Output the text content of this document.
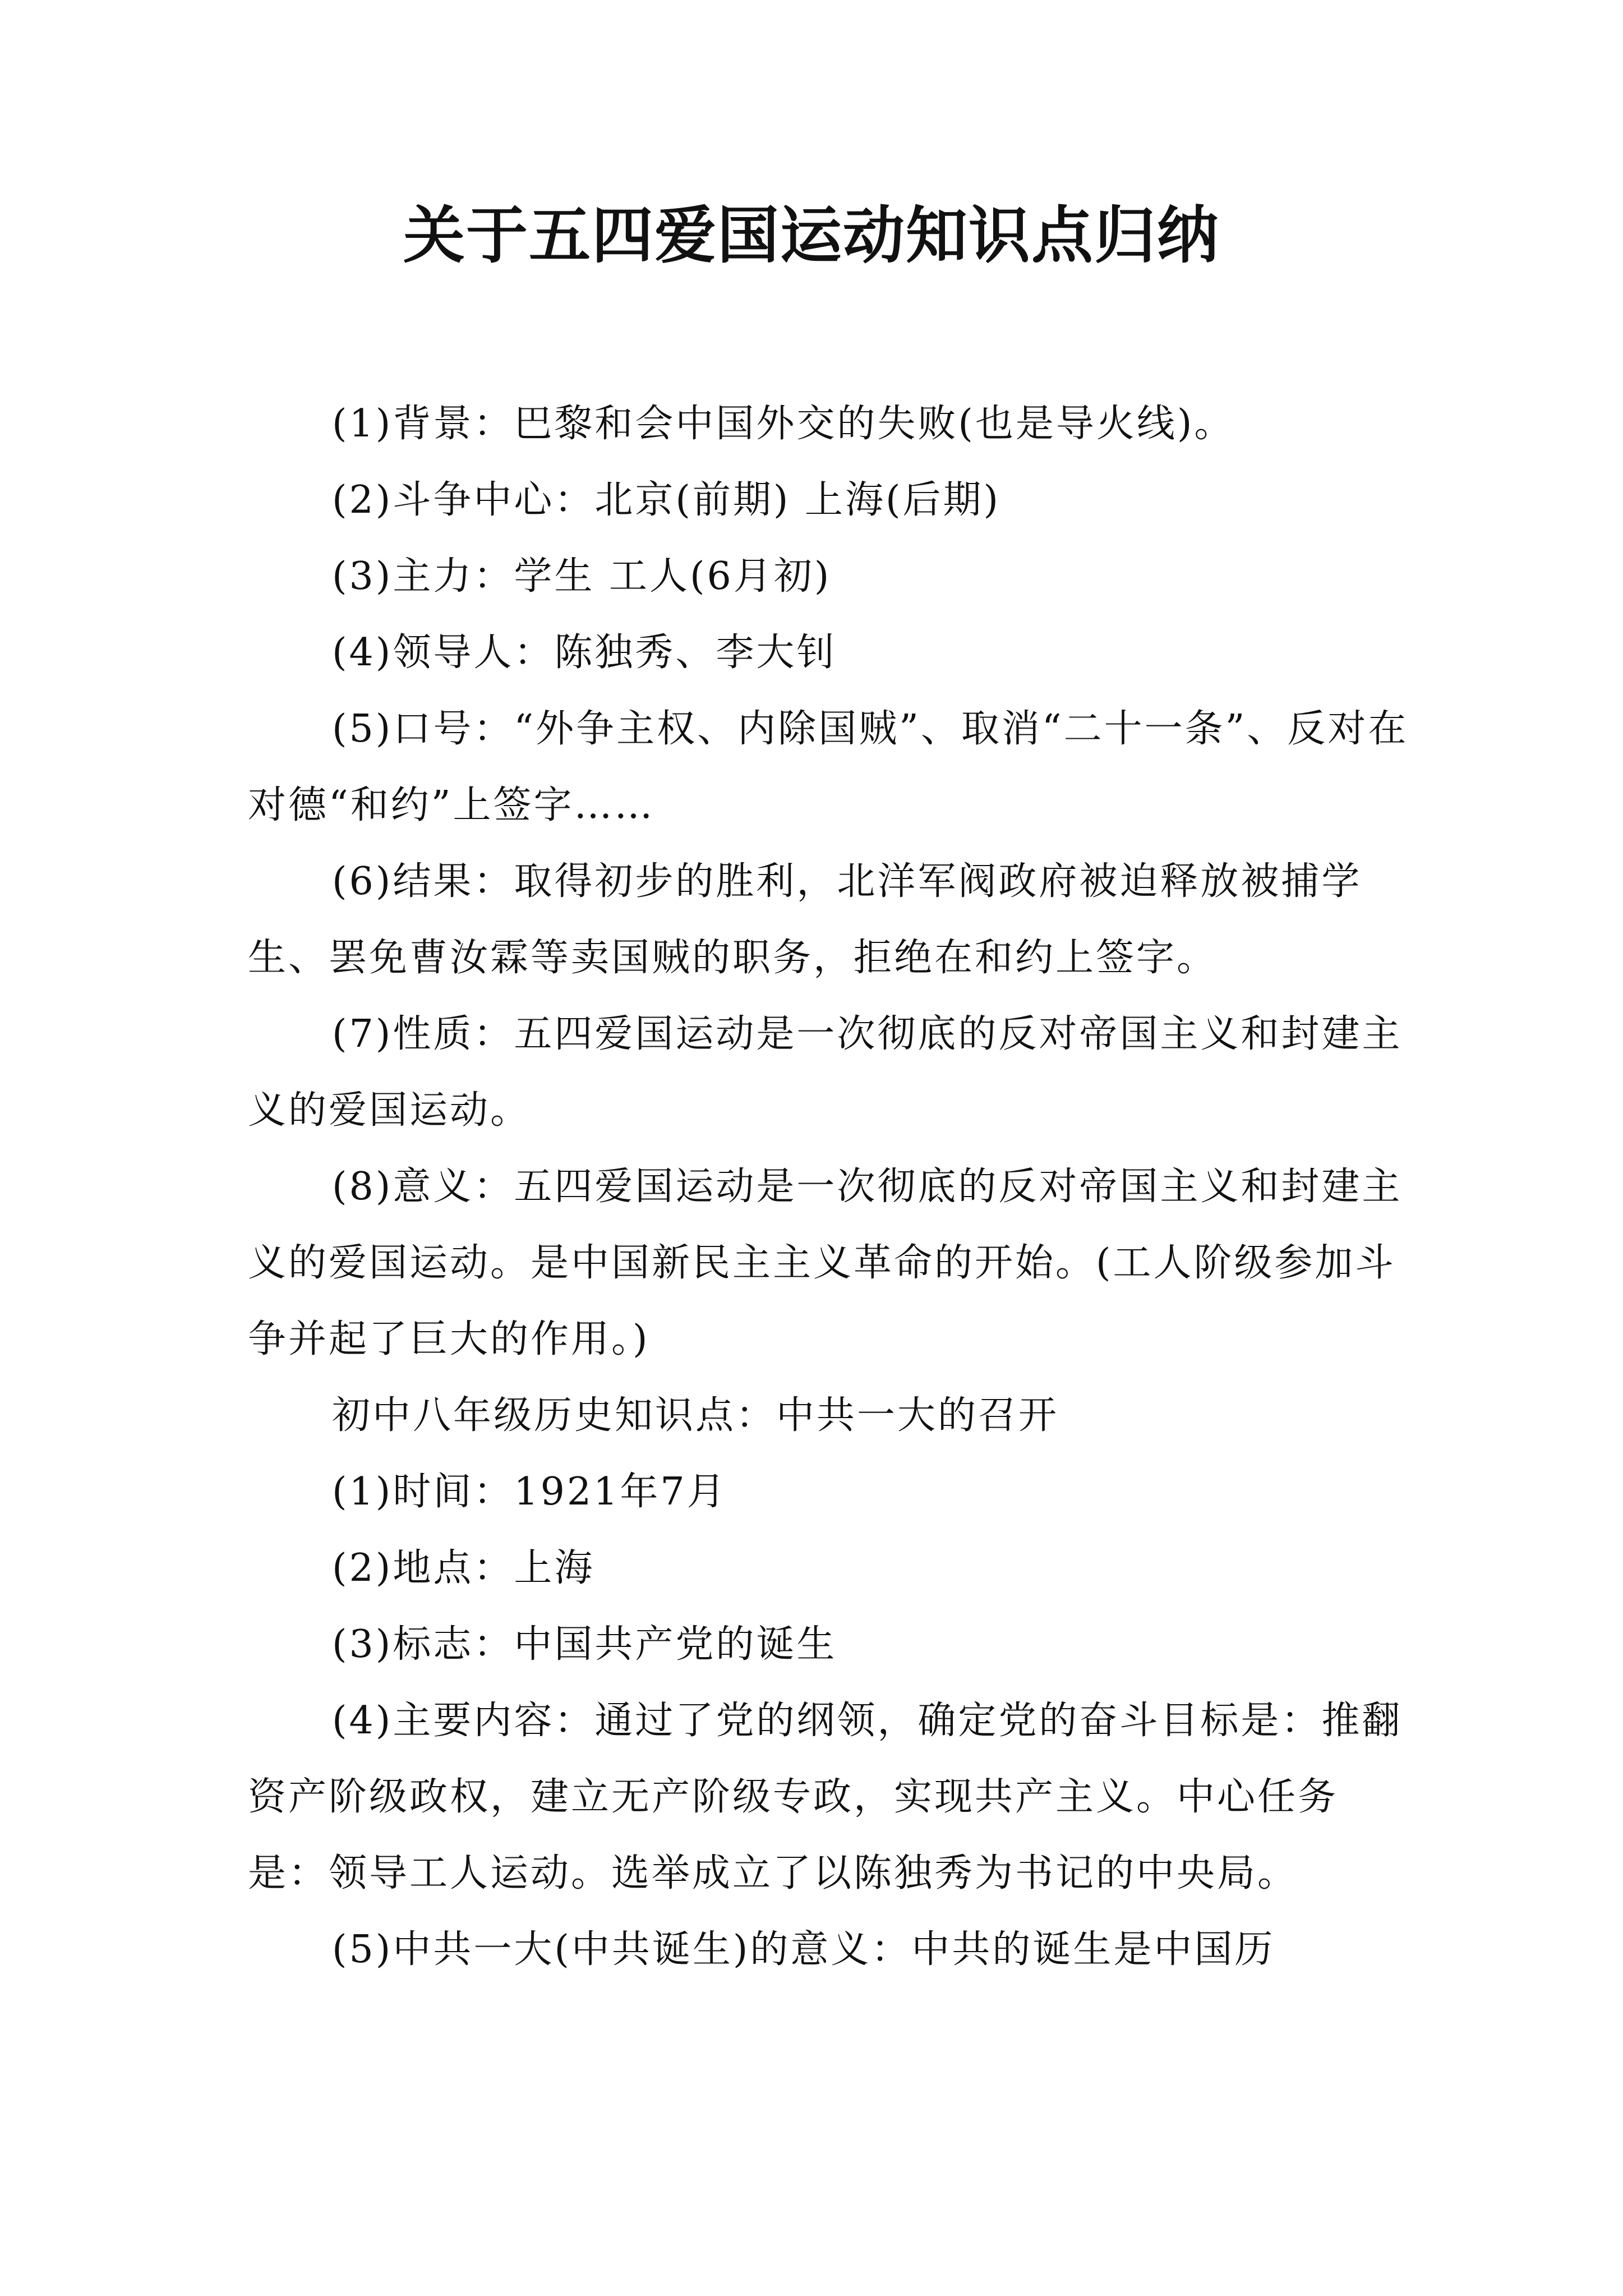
关于五四爱国运动知识点归纳

(1)背景：巴黎和会中国外交的失败(也是导火线)。

(2)斗争中心：北京(前期) 上海(后期)

(3)主力：学生 工人(6月初)

(4)领导人：陈独秀、李大钊

(5)口号：“外争主权、内除国贼”、取消“二十一条”、反对在对德“和约”上签字……

(6)结果：取得初步的胜利，北洋军阀政府被迫释放被捕学生、罢免曹汝霖等卖国贼的职务，拒绝在和约上签字。

(7)性质：五四爱国运动是一次彻底的反对帝国主义和封建主义的爱国运动。

(8)意义：五四爱国运动是一次彻底的反对帝国主义和封建主义的爱国运动。是中国新民主主义革命的开始。(工人阶级参加斗争并起了巨大的作用。)

初中八年级历史知识点：中共一大的召开

(1)时间：1921年7月

(2)地点：上海

(3)标志：中国共产党的诞生

(4)主要内容：通过了党的纲领，确定党的奋斗目标是：推翻资产阶级政权，建立无产阶级专政，实现共产主义。中心任务是：领导工人运动。选举成立了以陈独秀为书记的中央局。

(5)中共一大(中共诞生)的意义：中共的诞生是中国历
